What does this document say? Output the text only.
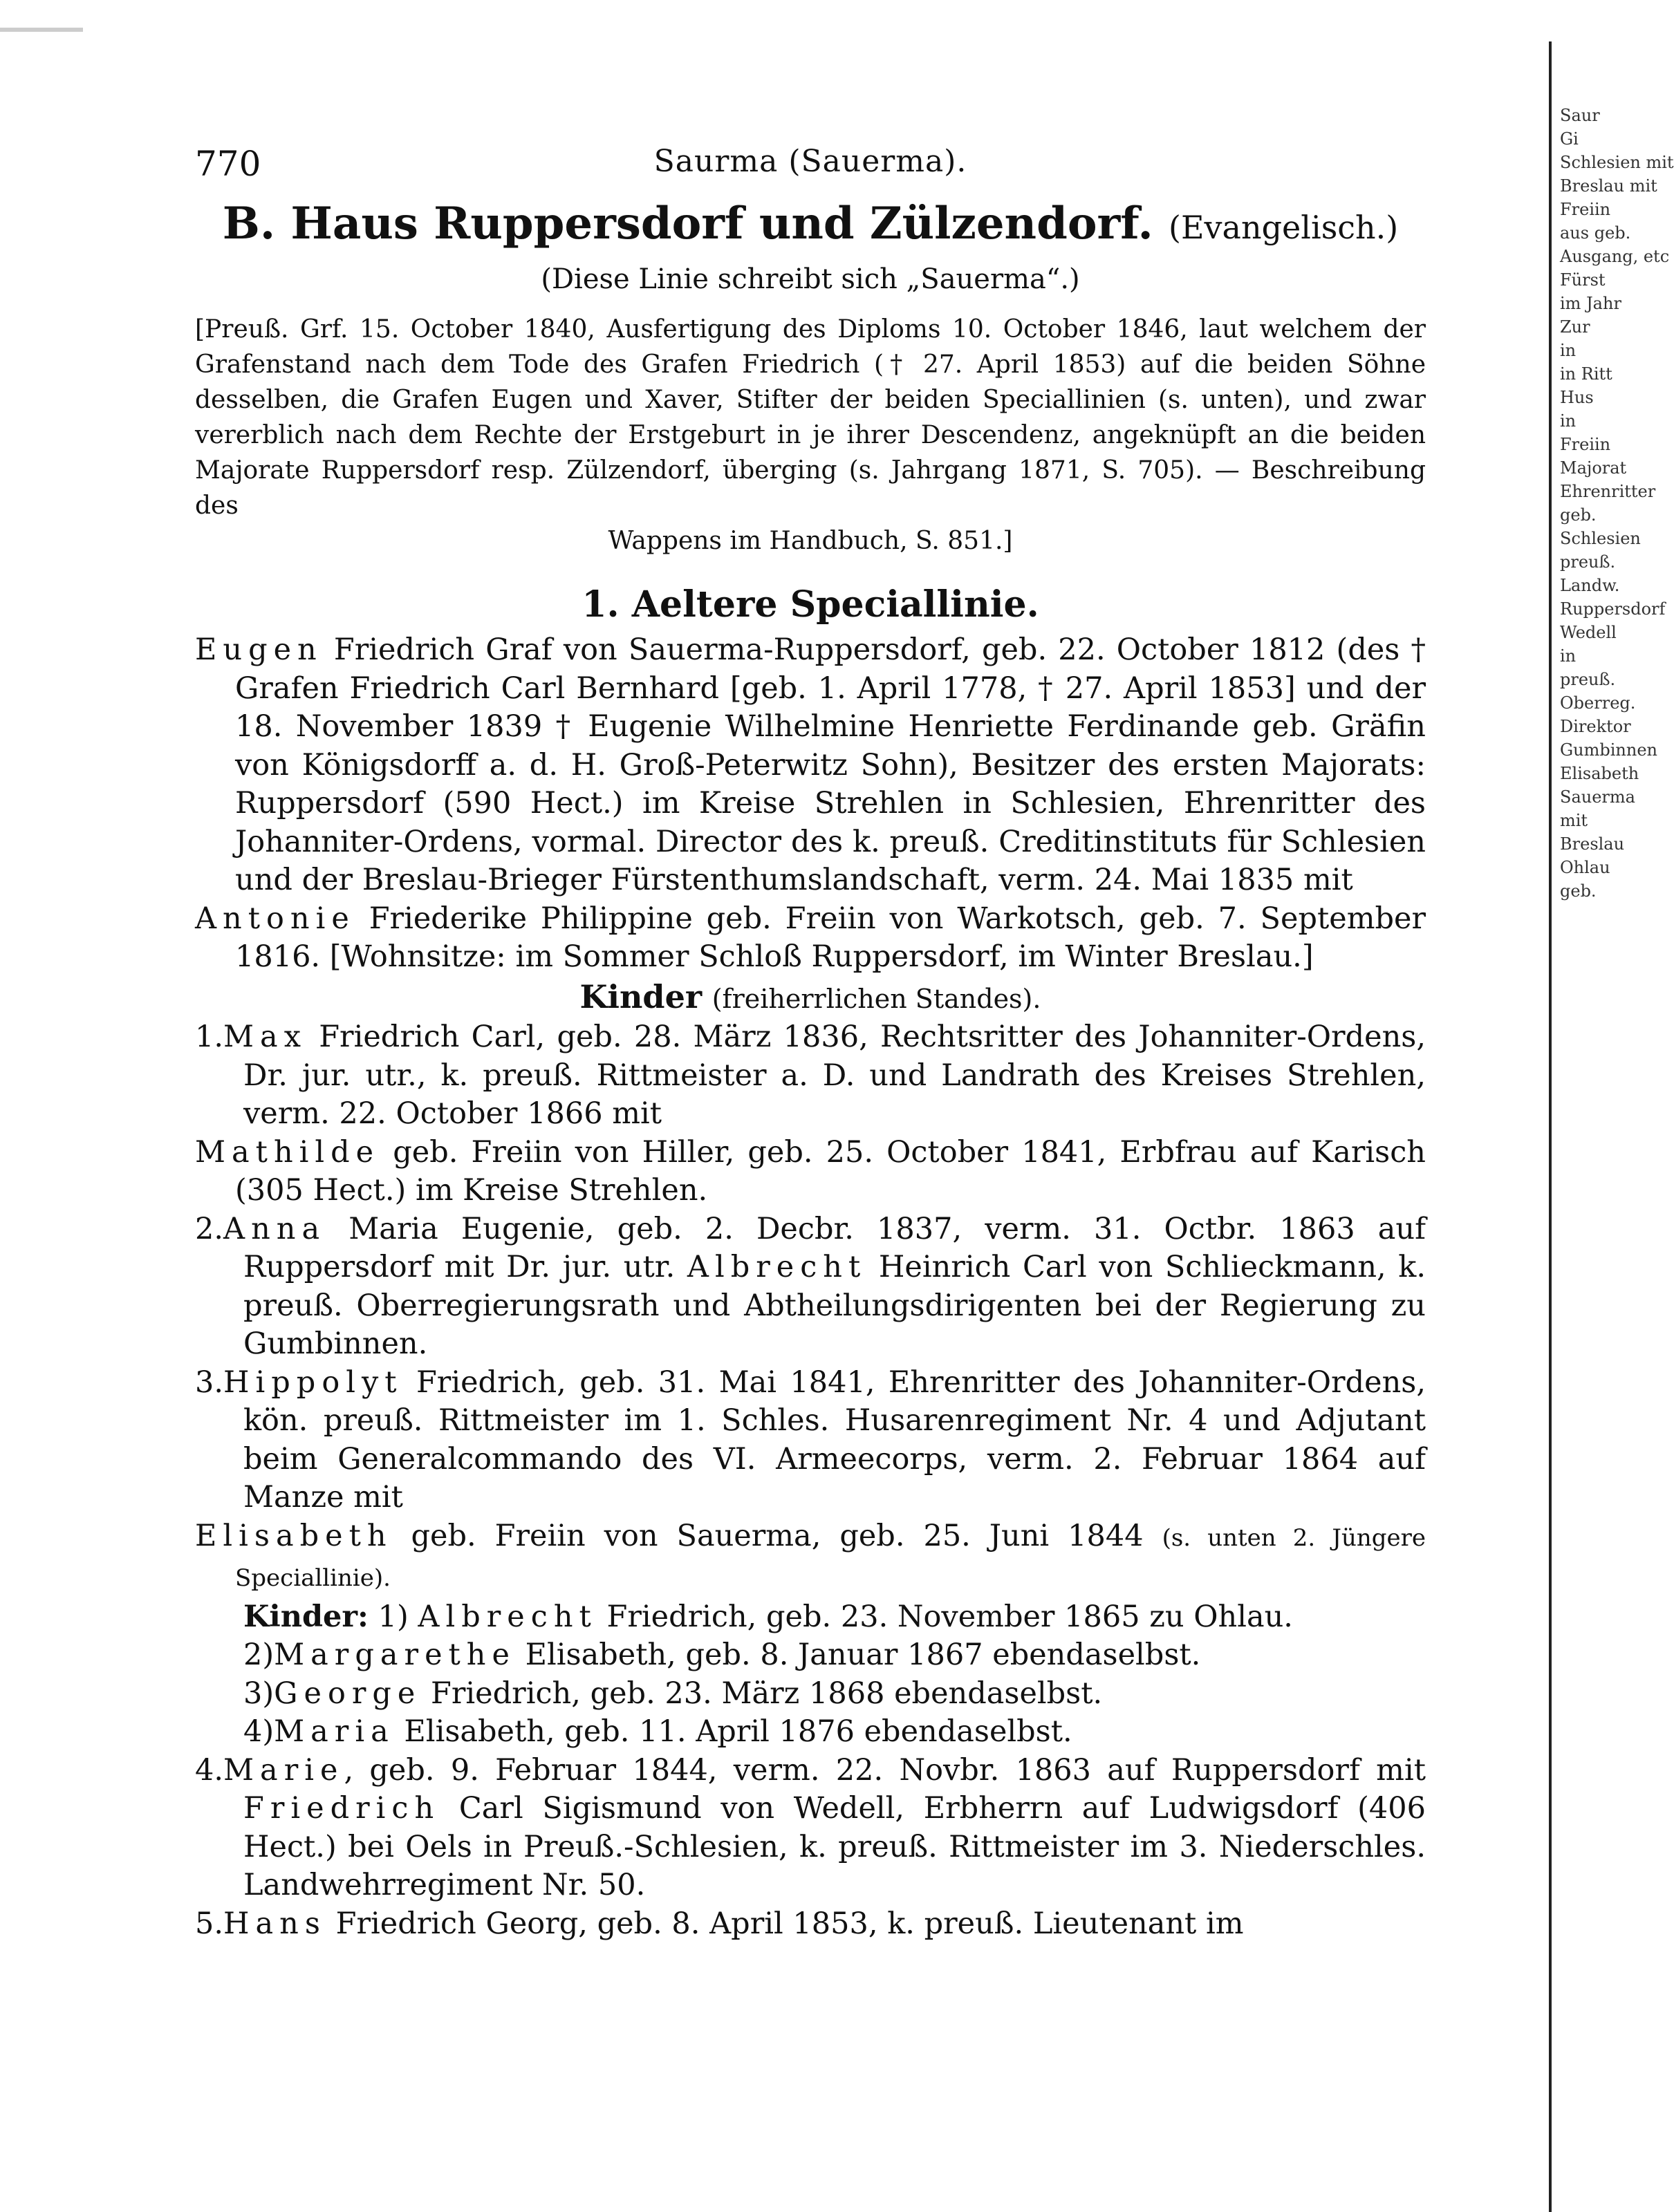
770	Saurma (Sauerma).
B. Haus Ruppersdorf und Zülzendorf. (Evangelisch.)
(Diese Linie schreibt sich „Sauerma“.)
[Preuß. Grf. 15. October 1840, Ausfertigung des Diploms 10. October 1846, laut welchem der Grafenstand nach dem Tode des Grafen Friedrich († 27. April 1853) auf die beiden Söhne desselben, die Grafen Eugen und Xaver, Stifter der beiden Speciallinien (s. unten), und zwar vererblich nach dem Rechte der Erstgeburt in je ihrer Descendenz, angeknüpft an die beiden Majorate Ruppersdorf resp. Zülzendorf, überging (s. Jahrgang 1871, S. 705). — Beschreibung des
Wappens im Handbuch, S. 851.]
1. Aeltere Speciallinie.
Eugen Friedrich Graf von Sauerma-Ruppersdorf, geb. 22. October 1812 (des † Grafen Friedrich Carl Bernhard [geb. 1. April 1778, † 27. April 1853] und der 18. November 1839 † Eugenie Wilhelmine Henriette Ferdinande geb. Gräfin von Königsdorff a. d. H. Groß-Peterwitz Sohn), Besitzer des ersten Majorats: Ruppersdorf (590 Hect.) im Kreise Strehlen in Schlesien, Ehrenritter des Johanniter-Ordens, vormal. Director des k. preuß. Creditinstituts für Schlesien und der Breslau-Brieger Fürstenthumslandschaft, verm. 24. Mai 1835 mit
Antonie Friederike Philippine geb. Freiin von Warkotsch, geb. 7. September 1816. [Wohnsitze: im Sommer Schloß Ruppersdorf, im Winter Breslau.]
Kinder (freiherrlichen Standes).
1.Max Friedrich Carl, geb. 28. März 1836, Rechtsritter des Johanniter-Ordens, Dr. jur. utr., k. preuß. Rittmeister a. D. und Landrath des Kreises Strehlen, verm. 22. October 1866 mit
Mathilde geb. Freiin von Hiller, geb. 25. October 1841, Erbfrau auf Karisch (305 Hect.) im Kreise Strehlen.
2.Anna Maria Eugenie, geb. 2. Decbr. 1837, verm. 31. Octbr. 1863 auf Ruppersdorf mit Dr. jur. utr. Albrecht Heinrich Carl von Schlieckmann, k. preuß. Oberregierungsrath und Abtheilungsdirigenten bei der Regierung zu Gumbinnen.
3.Hippolyt Friedrich, geb. 31. Mai 1841, Ehrenritter des Johanniter-Ordens, kön. preuß. Rittmeister im 1. Schles. Husarenregiment Nr. 4 und Adjutant beim Generalcommando des VI. Armeecorps, verm. 2. Februar 1864 auf Manze mit
Elisabeth geb. Freiin von Sauerma, geb. 25. Juni 1844 (s. unten 2. Jüngere Speciallinie).
Kinder: 1) Albrecht Friedrich, geb. 23. November 1865 zu Ohlau.
2)Margarethe Elisabeth, geb. 8. Januar 1867 ebendaselbst.
3)George Friedrich, geb. 23. März 1868 ebendaselbst.
4)Maria Elisabeth, geb. 11. April 1876 ebendaselbst.
4.Marie, geb. 9. Februar 1844, verm. 22. Novbr. 1863 auf Ruppersdorf mit Friedrich Carl Sigismund von Wedell, Erbherrn auf Ludwigsdorf (406 Hect.) bei Oels in Preuß.-Schlesien, k. preuß. Rittmeister im 3. Niederschles. Landwehrregiment Nr. 50.
5.Hans Friedrich Georg, geb. 8. April 1853, k. preuß. Lieutenant im
Saur
Gi
Schlesien mit
Breslau mit
Freiin
aus geb.
Ausgang, etc
Fürst
im Jahr
Zur
in
in Ritt
Hus
in
Freiin
Majorat
Ehrenritter
geb.
Schlesien
preuß.
Landw.
Ruppersdorf
Wedell
in
preuß.
Oberreg.
Direktor
Gumbinnen
Elisabeth
Sauerma
mit
Breslau
Ohlau
geb.
